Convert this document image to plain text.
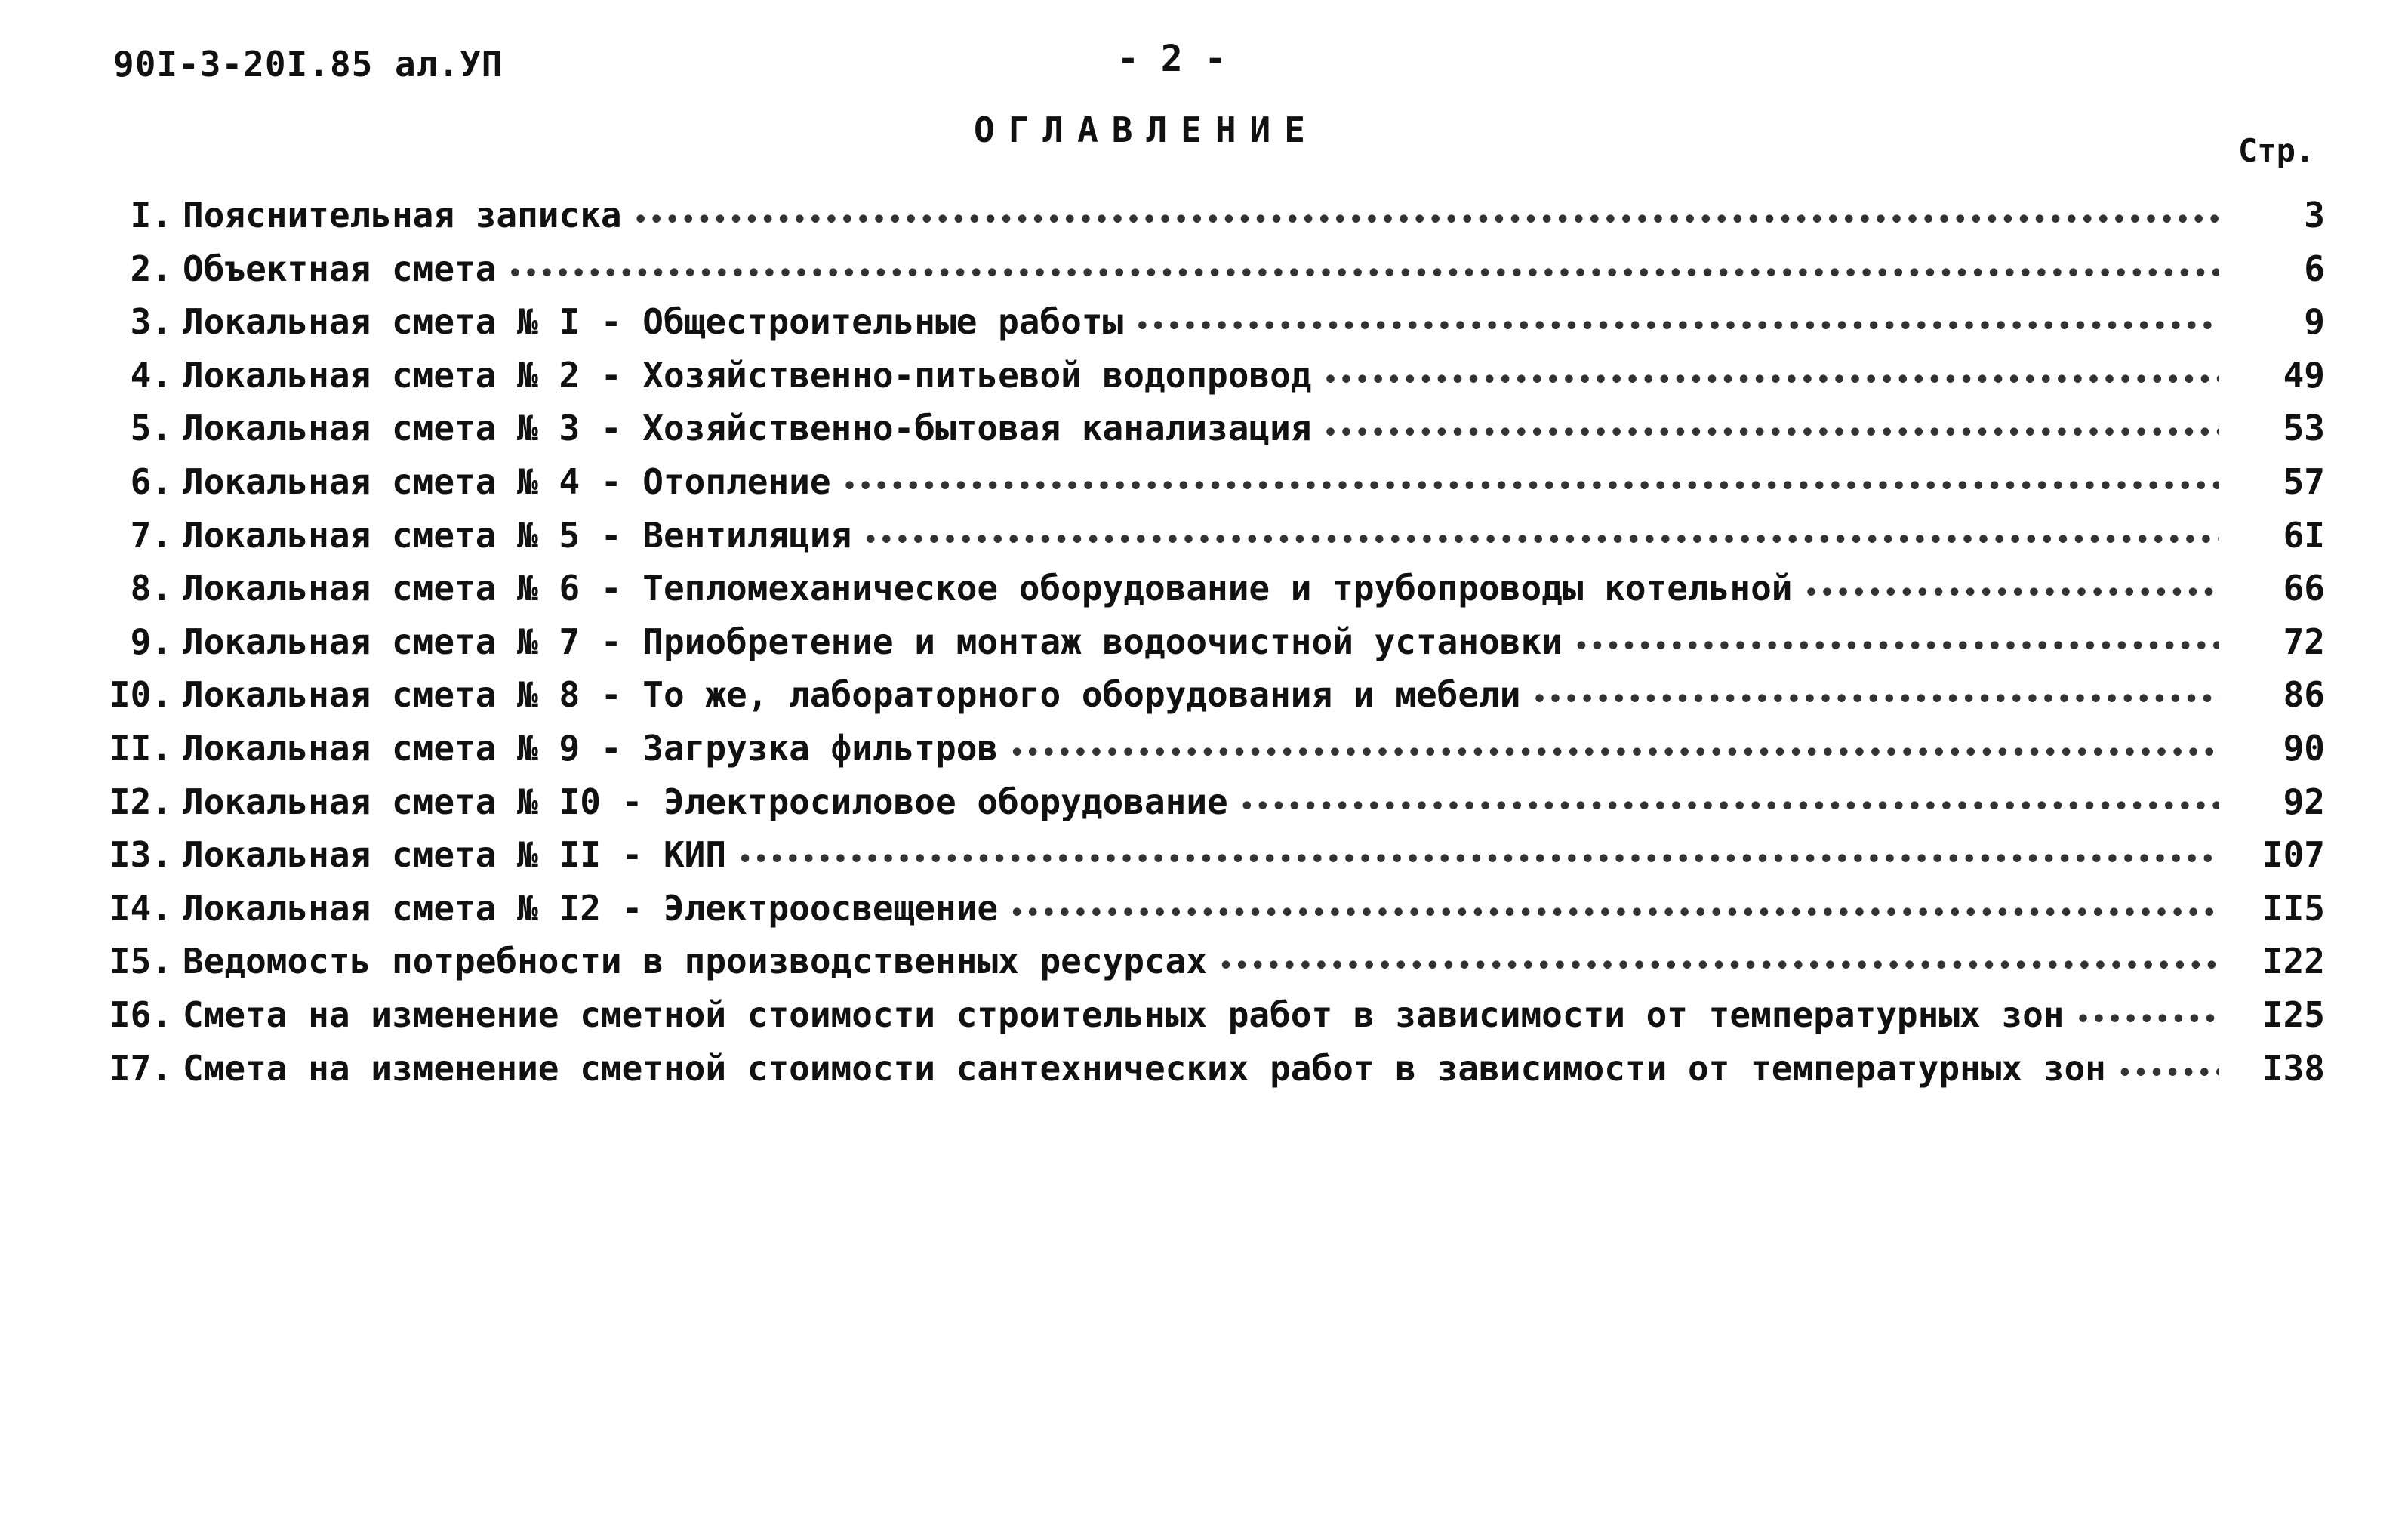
90I-3-20I.85 ал.УП	- 2 -
ОГЛАВЛЕНИЕ
Стр.
I. Пояснительная записка •••••	3
2. Объектная смета •••••	6
3. Локальная смета № I - Общестроительные работы •••••	9
4. Локальная смета № 2 - Хозяйственно-питьевой водопровод •••••	49
5. Локальная смета № 3 - Хозяйственно-бытовая канализация •••••	53
6. Локальная смета № 4 - Отопление •••••	57
7. Локальная смета № 5 - Вентиляция •••••	6I
8. Локальная смета № 6 - Тепломеханическое оборудование и трубопроводы котельной •••••	66
9. Локальная смета № 7 - Приобретение и монтаж водоочистной установки •••••	72
I0. Локальная смета № 8 - То же, лабораторного оборудования и мебели •••••	86
II. Локальная смета № 9 - Загрузка фильтров •••••	90
I2. Локальная смета № I0 - Электросиловое оборудование •••••	92
I3. Локальная смета № II - КИП •••••	I07
I4. Локальная смета № I2 - Электроосвещение •••••	II5
I5. Ведомость потребности в производственных ресурсах •••••	I22
I6. Смета на изменение сметной стоимости строительных работ в зависимости от температурных зон •••••	I25
I7. Смета на изменение сметной стоимости сантехнических работ в зависимости от температурных зон •••••	I38
